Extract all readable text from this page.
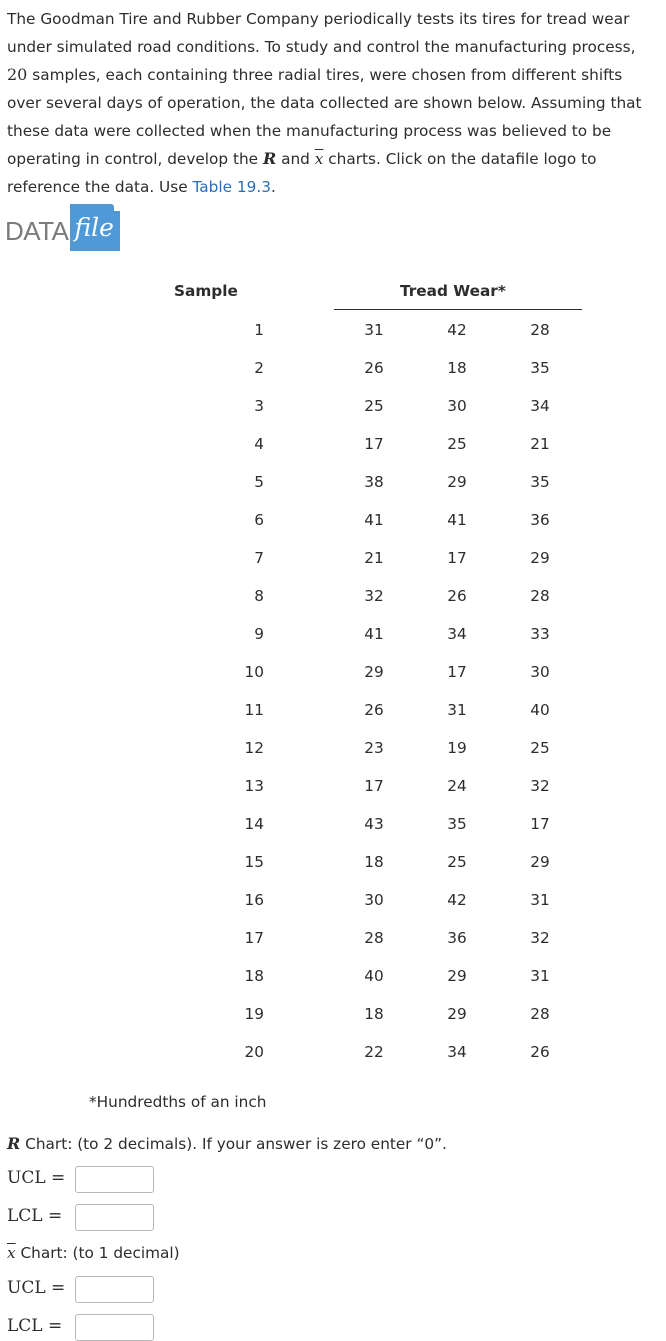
The Goodman Tire and Rubber Company periodically tests its tires for tread wear under simulated road conditions. To study and control the manufacturing process, 20 samples, each containing three radial tires, were chosen from different shifts over several days of operation, the data collected are shown below. Assuming that these data were collected when the manufacturing process was believed to be operating in control, develop the R and $\overline{x}$ charts. Click on the datafile logo to reference the data. Use Table 19.3.

DATA file
Sample	Tread Wear*
1	31	42	28
2	26	18	35
3	25	30	34
4	17	25	21
5	38	29	35
6	41	41	36
7	21	17	29
8	32	26	28
9	41	34	33
10	29	17	30
11	26	31	40
12	23	19	25
13	17	24	32
14	43	35	17
15	18	25	29
16	30	42	31
17	28	36	32
18	40	29	31
19	18	29	28
20	22	34	26
*Hundredths of an inch
R Chart: (to 2 decimals). If your answer is zero enter “0”.
UCL =
LCL =
$\overline{x}$ Chart: (to 1 decimal)
UCL =
LCL =
